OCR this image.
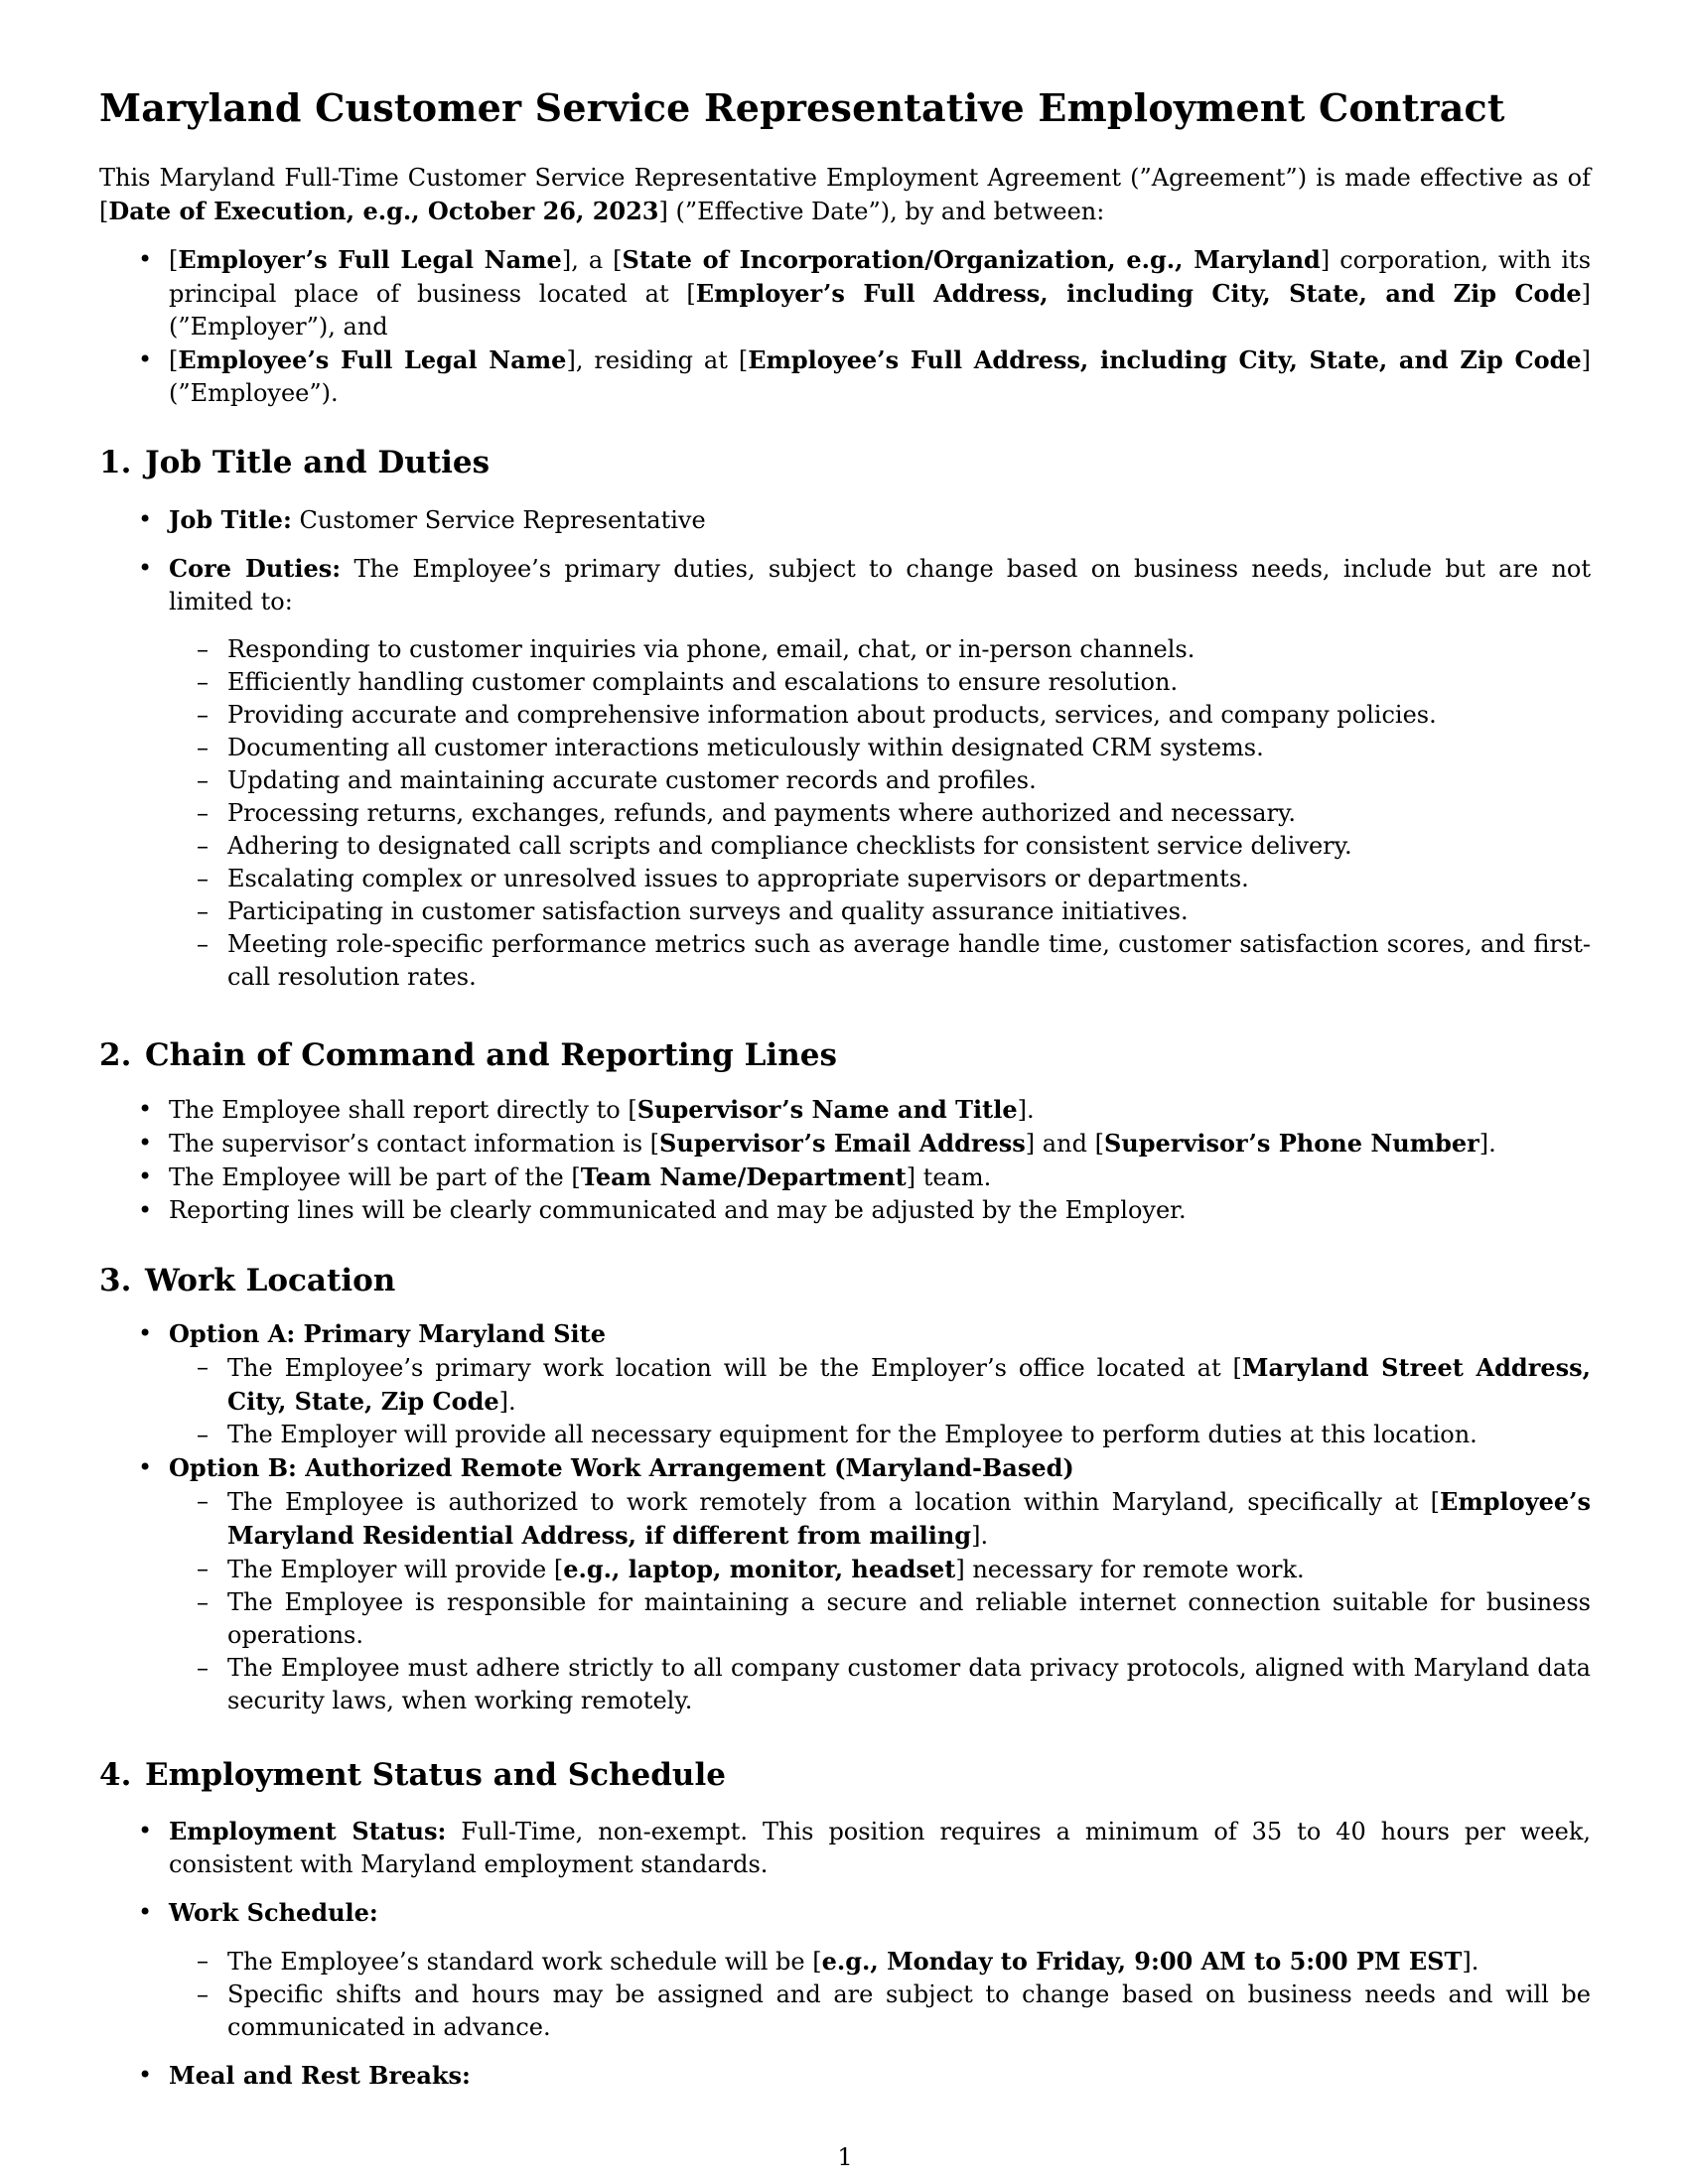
Maryland Customer Service Representative Employment Contract

This Maryland Full-Time Customer Service Representative Employment Agreement (”Agreement”) is made effective as of [Date of Execution, e.g., October 26, 2023] (”Effective Date”), by and between:

• [Employer’s Full Legal Name], a [State of Incorporation/Organization, e.g., Maryland] corporation, with its principal place of business located at [Employer’s Full Address, including City, State, and Zip Code] (”Employer”), and
• [Employee’s Full Legal Name], residing at [Employee’s Full Address, including City, State, and Zip Code] (”Employee”).
1. Job Title and Duties
• Job Title: Customer Service Representative
• Core Duties: The Employee’s primary duties, subject to change based on business needs, include but are not limited to:
– Responding to customer inquiries via phone, email, chat, or in-person channels.
– Efficiently handling customer complaints and escalations to ensure resolution.
– Providing accurate and comprehensive information about products, services, and company policies.
– Documenting all customer interactions meticulously within designated CRM systems.
– Updating and maintaining accurate customer records and profiles.
– Processing returns, exchanges, refunds, and payments where authorized and necessary.
– Adhering to designated call scripts and compliance checklists for consistent service delivery.
– Escalating complex or unresolved issues to appropriate supervisors or departments.
– Participating in customer satisfaction surveys and quality assurance initiatives.
– Meeting role-specific performance metrics such as average handle time, customer satisfaction scores, and first-call resolution rates.
2. Chain of Command and Reporting Lines
• The Employee shall report directly to [Supervisor’s Name and Title].
• The supervisor’s contact information is [Supervisor’s Email Address] and [Supervisor’s Phone Number].
• The Employee will be part of the [Team Name/Department] team.
• Reporting lines will be clearly communicated and may be adjusted by the Employer.
3. Work Location
• Option A: Primary Maryland Site
– The Employee’s primary work location will be the Employer’s office located at [Maryland Street Address, City, State, Zip Code].
– The Employer will provide all necessary equipment for the Employee to perform duties at this location.
• Option B: Authorized Remote Work Arrangement (Maryland-Based)
– The Employee is authorized to work remotely from a location within Maryland, specifically at [Employee’s Maryland Residential Address, if different from mailing].
– The Employer will provide [e.g., laptop, monitor, headset] necessary for remote work.
– The Employee is responsible for maintaining a secure and reliable internet connection suitable for business operations.
– The Employee must adhere strictly to all company customer data privacy protocols, aligned with Maryland data security laws, when working remotely.
4. Employment Status and Schedule
• Employment Status: Full-Time, non-exempt. This position requires a minimum of 35 to 40 hours per week, consistent with Maryland employment standards.
• Work Schedule:
– The Employee’s standard work schedule will be [e.g., Monday to Friday, 9:00 AM to 5:00 PM EST].
– Specific shifts and hours may be assigned and are subject to change based on business needs and will be communicated in advance.
• Meal and Rest Breaks:
1
